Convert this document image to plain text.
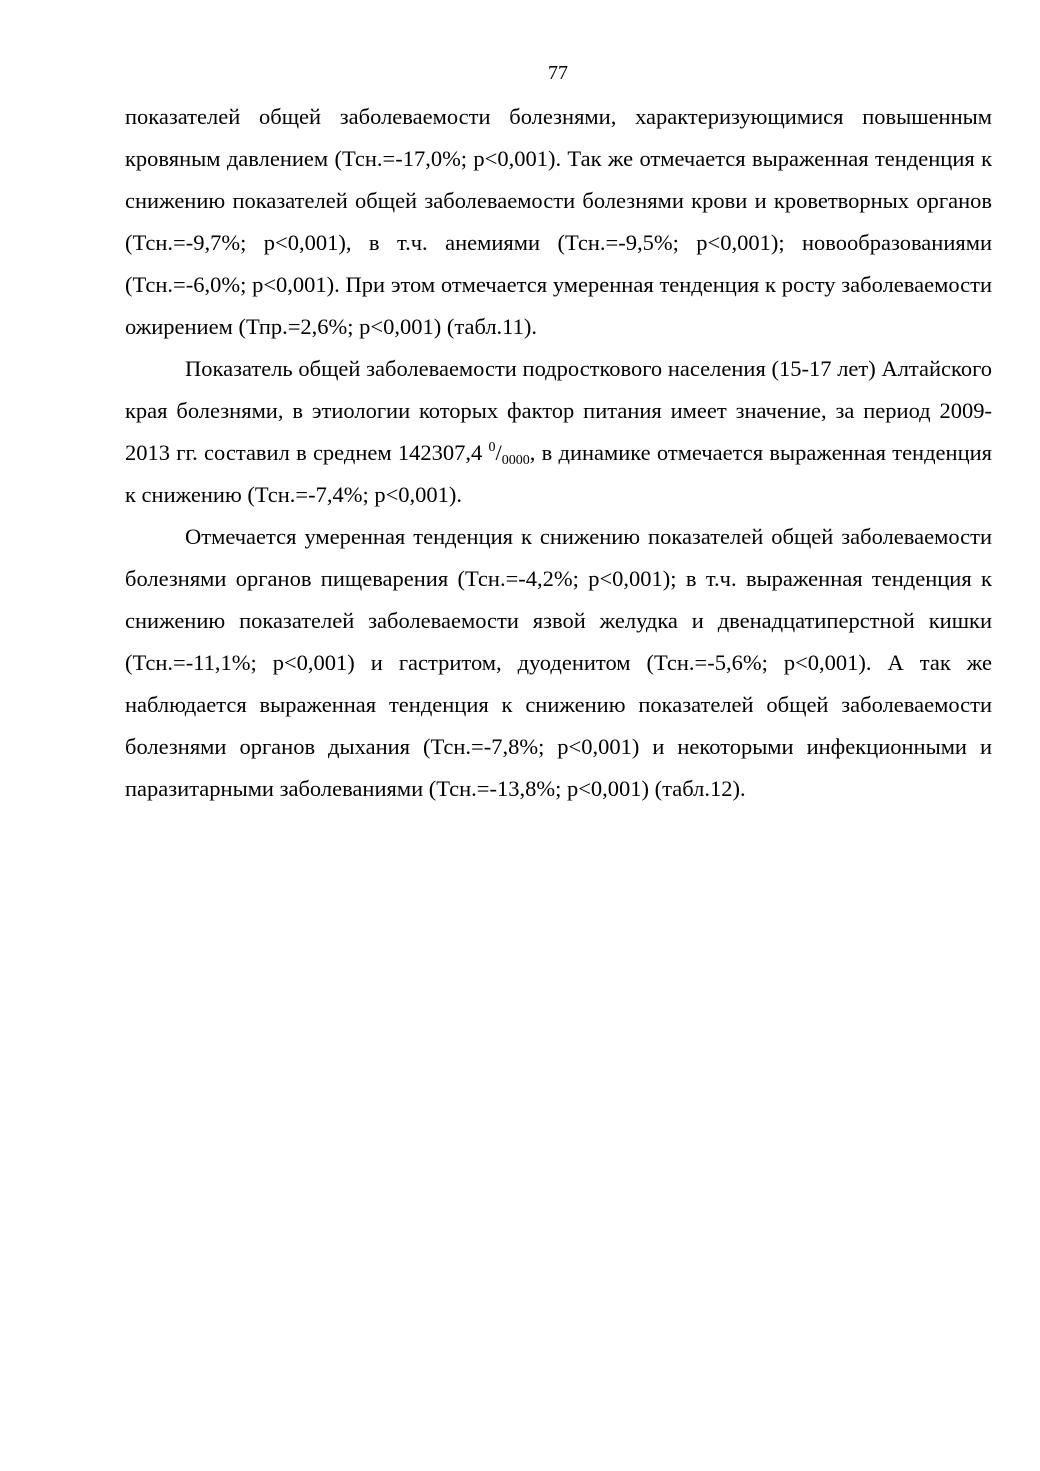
77

показателей общей заболеваемости болезнями, характеризующимися повышенным кровяным давлением (Тсн.=-17,0%; p<0,001). Так же отмечается выраженная тенденция к снижению показателей общей заболеваемости болезнями крови и кроветворных органов (Тсн.=-9,7%; p<0,001), в т.ч. анемиями (Тсн.=-9,5%; p<0,001); новообразованиями (Тсн.=-6,0%; p<0,001). При этом отмечается умеренная тенденция к росту заболеваемости ожирением (Тпр.=2,6%; p<0,001) (табл.11).

Показатель общей заболеваемости подросткового населения (15-17 лет) Алтайского края болезнями, в этиологии которых фактор питания имеет значение, за период 2009-2013 гг. составил в среднем 142307,4 $^0/_{0000}$, в динамике отмечается выраженная тенденция к снижению (Тсн.=-7,4%; p<0,001).

Отмечается умеренная тенденция к снижению показателей общей заболеваемости болезнями органов пищеварения (Тсн.=-4,2%; p<0,001); в т.ч. выраженная тенденция к снижению показателей заболеваемости язвой желудка и двенадцатиперстной кишки (Тсн.=-11,1%; p<0,001) и гастритом, дуоденитом (Тсн.=-5,6%; p<0,001). А так же наблюдается выраженная тенденция к снижению показателей общей заболеваемости болезнями органов дыхания (Тсн.=-7,8%; p<0,001) и некоторыми инфекционными и паразитарными заболеваниями (Тсн.=-13,8%; p<0,001) (табл.12).
